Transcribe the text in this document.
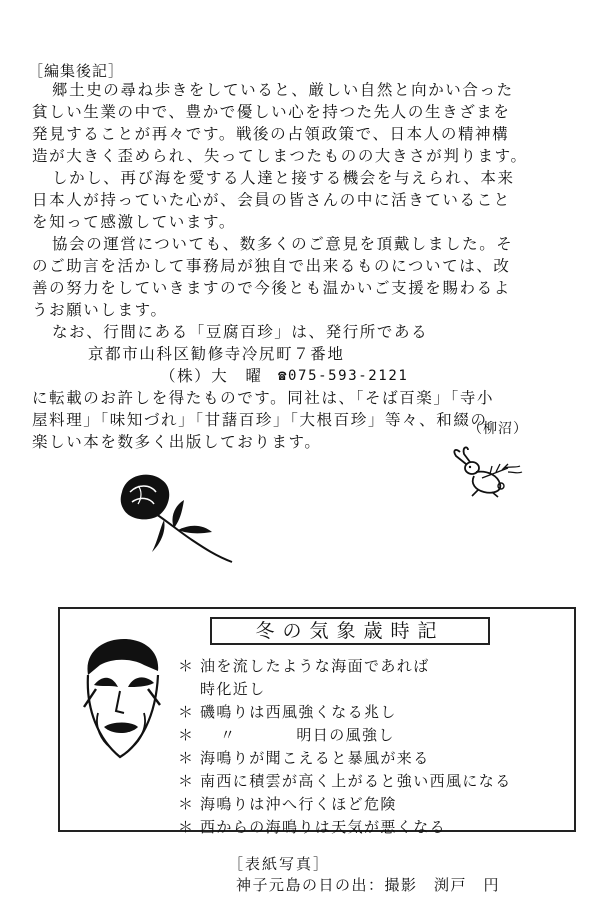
［編集後記］

郷土史の尋ね歩きをしていると、厳しい自然と向かい合った
貧しい生業の中で、豊かで優しい心を持つた先人の生きざまを
発見することが再々です。戦後の占領政策で、日本人の精神構
造が大きく歪められ、失ってしまつたものの大きさが判ります。

しかし、再び海を愛する人達と接する機会を与えられ、本来
日本人が持っていた心が、会員の皆さんの中に活きていること
を知って感激しています。

協会の運営についても、数多くのご意見を頂戴しました。そ
のご助言を活かして事務局が独自で出来るものについては、改
善の努力をしていきますので今後とも温かいご支援を賜わるよ
うお願いします。

なお、行間にある「豆腐百珍」は、発行所である

京都市山科区勧修寺冷尻町７番地
（株）大　曜 ☎075-593-2121

に転載のお許しを得たものです。同社は、「そば百楽」「寺小
屋料理」「味知づれ」「甘藷百珍」「大根百珍」等々、和綴の
楽しい本を数多く出版しております。

（柳沼）
冬の気象歳時記
＊ 油を流したような海面であれば
時化近し
＊ 磯鳴りは西風強くなる兆し
＊ 〃	明日の風強し
＊ 海鳴りが聞こえると暴風が来る
＊ 南西に積雲が高く上がると強い西風になる
＊ 海鳴りは沖へ行くほど危険
＊ 西からの海鳴りは天気が悪くなる
［表紙写真］
神子元島の日の出：撮影　渕戸　円
